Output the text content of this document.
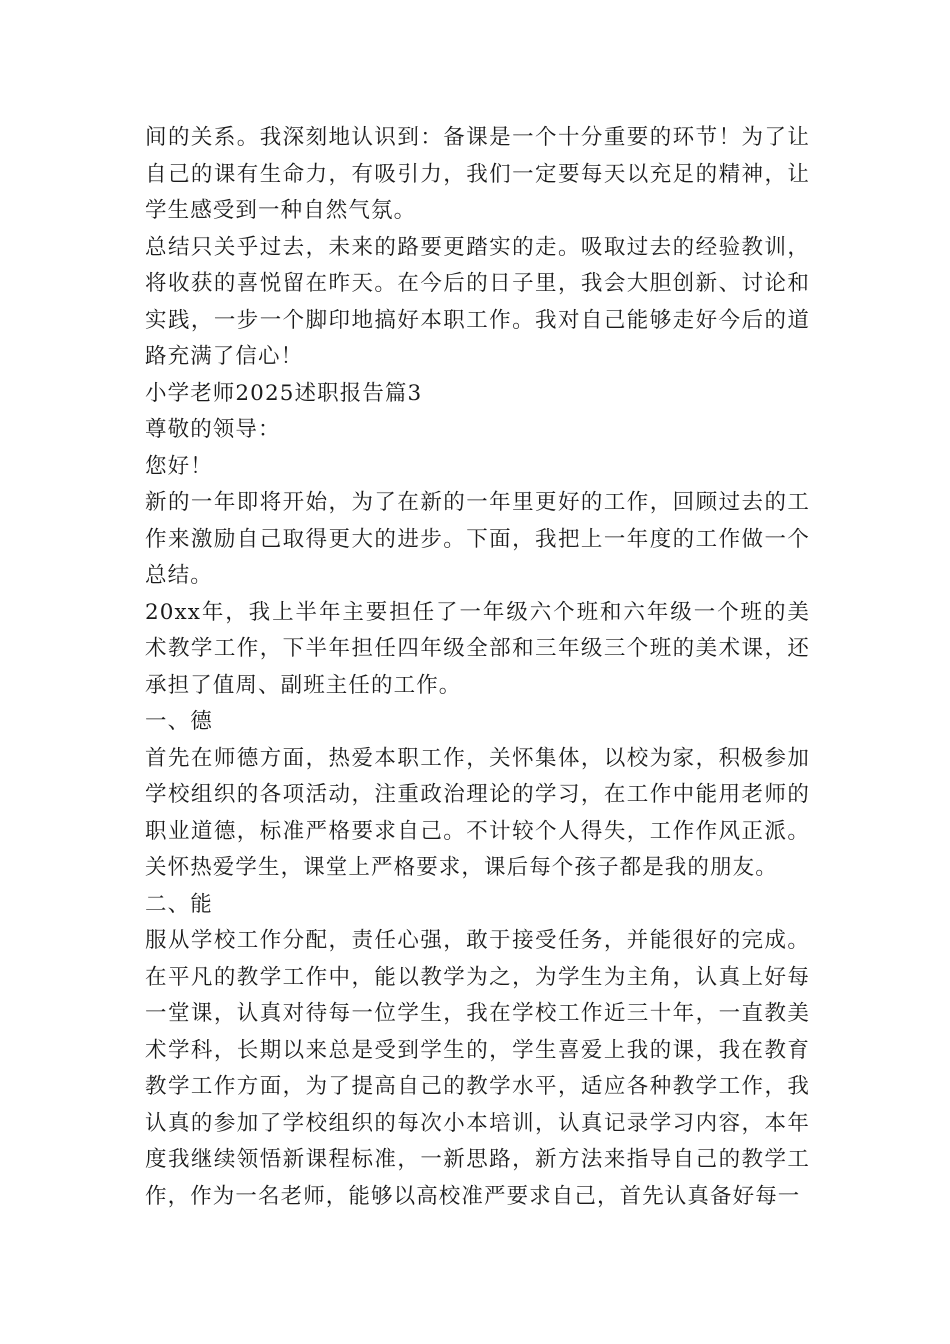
间的关系。我深刻地认识到：备课是一个十分重要的环节！为了让自己的课有生命力，有吸引力，我们一定要每天以充足的精神，让学生感受到一种自然气氛。

总结只关乎过去，未来的路要更踏实的走。吸取过去的经验教训，将收获的喜悦留在昨天。在今后的日子里，我会大胆创新、讨论和实践，一步一个脚印地搞好本职工作。我对自己能够走好今后的道路充满了信心！

小学老师2025述职报告篇3

尊敬的领导：

您好！

新的一年即将开始，为了在新的一年里更好的工作，回顾过去的工作来激励自己取得更大的进步。下面，我把上一年度的工作做一个总结。

20xx年，我上半年主要担任了一年级六个班和六年级一个班的美术教学工作，下半年担任四年级全部和三年级三个班的美术课，还承担了值周、副班主任的工作。

一、德

首先在师德方面，热爱本职工作，关怀集体，以校为家，积极参加学校组织的各项活动，注重政治理论的学习，在工作中能用老师的职业道德，标准严格要求自己。不计较个人得失，工作作风正派。关怀热爱学生，课堂上严格要求，课后每个孩子都是我的朋友。

二、能

服从学校工作分配，责任心强，敢于接受任务，并能很好的完成。在平凡的教学工作中，能以教学为之，为学生为主角，认真上好每一堂课，认真对待每一位学生，我在学校工作近三十年，一直教美术学科，长期以来总是受到学生的，学生喜爱上我的课，我在教育教学工作方面，为了提高自己的教学水平，适应各种教学工作，我认真的参加了学校组织的每次小本培训，认真记录学习内容，本年度我继续领悟新课程标准，一新思路，新方法来指导自己的教学工作，作为一名老师，能够以高校准严要求自己，首先认真备好每一
